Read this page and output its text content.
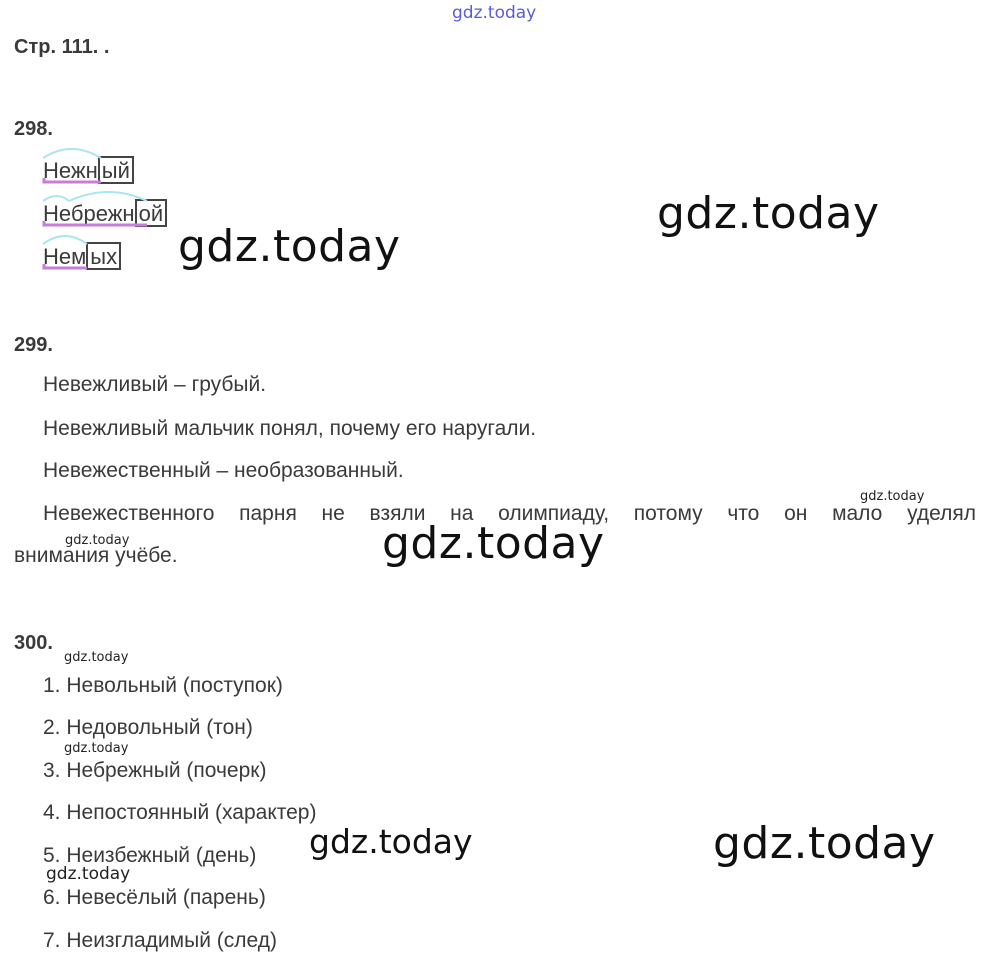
gdz.today
Стр. 111. .
298.
Нежн ый
Небрежн ой
Нем ых
gdz.today
gdz.today
299.
Невежливый – грубый.
Невежливый мальчик понял, почему его наругали.
Невежественный – необразованный.
Невежественного парня не взяли на олимпиаду, потому что он мало уделял
внимания учёбе.
gdz.today
gdz.today	gdz.today
300.
gdz.today
1. Невольный (поступок)
2. Недовольный (тон)
gdz.today
3. Небрежный (почерк)
4. Непостоянный (характер)
5. Неизбежный (день)
6. Невесёлый (парень)
7. Неизгладимый (след)
gdz.today	gdz.today
gdz.today
